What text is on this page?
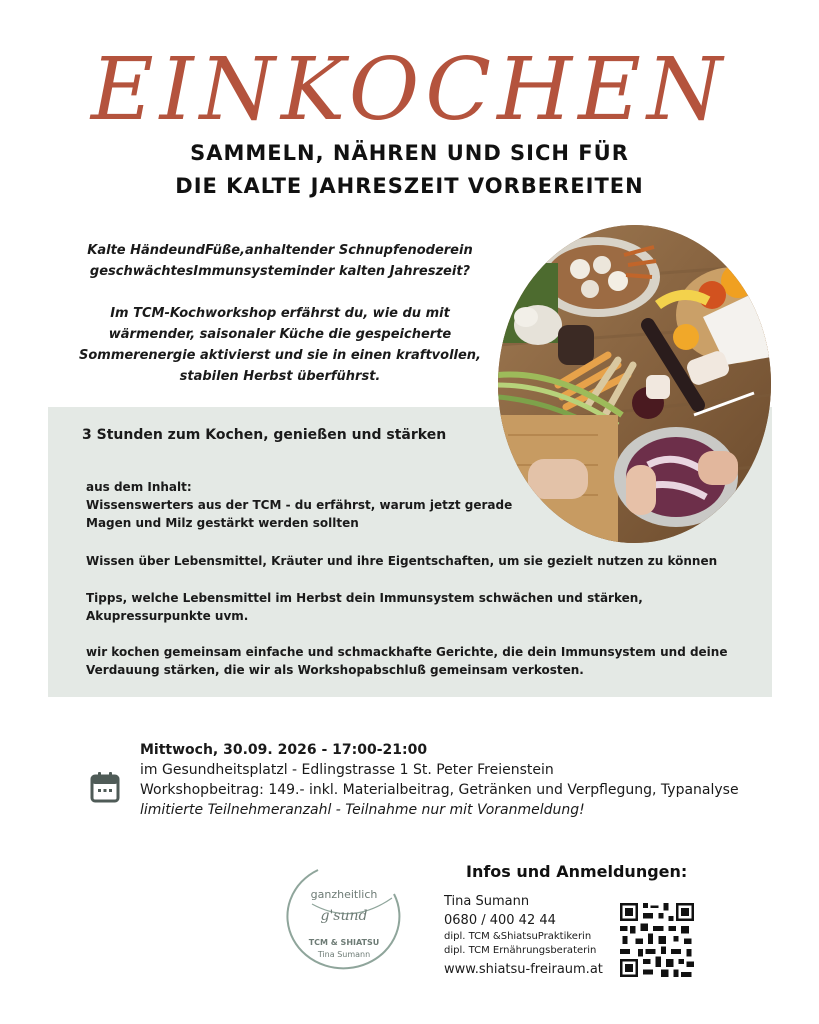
EINKOCHEN
SAMMELN, NÄHREN UND SICH FÜR
DIE KALTE JAHRESZEIT VORBEREITEN
Kalte HändeundFüße,anhaltender Schnupfenoderein
geschwächtesImmunsysteminder kalten Jahreszeit?
Im TCM-Kochworkshop erfährst du, wie du mit
wärmender, saisonaler Küche die gespeicherte
Sommerenergie aktivierst und sie in einen kraftvollen,
stabilen Herbst überführst.
3 Stunden zum Kochen, genießen und stärken
aus dem Inhalt:
Wissenswerters aus der TCM - du erfährst, warum jetzt gerade
Magen und Milz gestärkt werden sollten
Wissen über Lebensmittel, Kräuter und ihre Eigentschaften, um sie gezielt nutzen zu können
Tipps, welche Lebensmittel im Herbst dein Immunsystem schwächen und stärken,
Akupressurpunkte uvm.
wir kochen gemeinsam einfache und schmackhafte Gerichte, die dein Immunsystem und deine
Verdauung stärken, die wir als Workshopabschluß gemeinsam verkosten.
Mittwoch, 30.09. 2026 - 17:00-21:00
im Gesundheitsplatzl - Edlingstrasse 1 St. Peter Freienstein
Workshopbeitrag: 149.- inkl. Materialbeitrag, Getränken und Verpflegung, Typanalyse
limitierte Teilnehmeranzahl - Teilnahme nur mit Voranmeldung!
ganzheitlich
g'sund
TCM & SHIATSU
Tina Sumann
Infos und Anmeldungen:
Tina Sumann
0680 / 400 42 44
dipl. TCM &ShiatsuPraktikerin
dipl. TCM Ernährungsberaterin
www.shiatsu-freiraum.at
